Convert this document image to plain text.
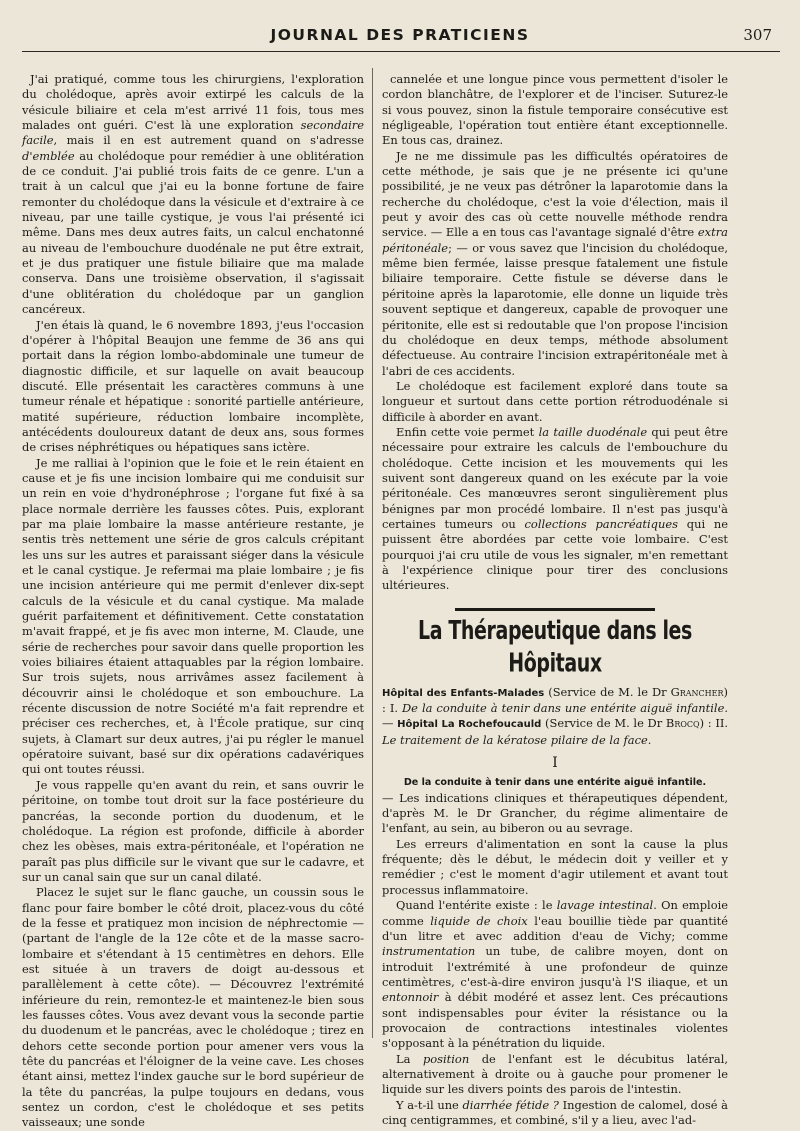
JOURNAL DES PRATICIENS	307

J'ai pratiqué, comme tous les chirurgiens, l'exploration du cholédoque, après avoir extirpé les calculs de la vésicule biliaire et cela m'est arrivé 11 fois, tous mes malades ont guéri. C'est là une exploration secondaire facile, mais il en est autrement quand on s'adresse d'emblée au cholédoque pour remédier à une oblitération de ce conduit. J'ai publié trois faits de ce genre. L'un a trait à un calcul que j'ai eu la bonne fortune de faire remonter du cholédoque dans la vésicule et d'extraire à ce niveau, par une taille cystique, je vous l'ai présenté ici même. Dans mes deux autres faits, un calcul enchatonné au niveau de l'embouchure duodénale ne put être extrait, et je dus pratiquer une fistule biliaire que ma malade conserva. Dans une troisième observation, il s'agissait d'une oblitération du cholédoque par un ganglion cancéreux.

J'en étais là quand, le 6 novembre 1893, j'eus l'occasion d'opérer à l'hôpital Beaujon une femme de 36 ans qui portait dans la région lombo-abdominale une tumeur de diagnostic difficile, et sur laquelle on avait beaucoup discuté. Elle présentait les caractères communs à une tumeur rénale et hépatique : sonorité partielle antérieure, matité supérieure, réduction lombaire incomplète, antécédents douloureux datant de deux ans, sous formes de crises néphrétiques ou hépatiques sans ictère.

Je me ralliai à l'opinion que le foie et le rein étaient en cause et je fis une incision lombaire qui me conduisit sur un rein en voie d'hydronéphrose ; l'organe fut fixé à sa place normale derrière les fausses côtes. Puis, explorant par ma plaie lombaire la masse antérieure restante, je sentis très nettement une série de gros calculs crépitant les uns sur les autres et paraissant siéger dans la vésicule et le canal cystique. Je refermai ma plaie lombaire ; je fis une incision antérieure qui me permit d'enlever dix-sept calculs de la vésicule et du canal cystique. Ma malade guérit parfaitement et définitivement. Cette constatation m'avait frappé, et je fis avec mon interne, M. Claude, une série de recherches pour savoir dans quelle proportion les voies biliaires étaient attaquables par la région lombaire. Sur trois sujets, nous arrivâmes assez facilement à découvrir ainsi le cholédoque et son embouchure. La récente discussion de notre Société m'a fait reprendre et préciser ces recherches, et, à l'École pratique, sur cinq sujets, à Clamart sur deux autres, j'ai pu régler le manuel opératoire suivant, basé sur dix opérations cadavériques qui ont toutes réussi.

Je vous rappelle qu'en avant du rein, et sans ouvrir le péritoine, on tombe tout droit sur la face postérieure du pancréas, la seconde portion du duodenum, et le cholédoque. La région est profonde, difficile à aborder chez les obèses, mais extra-péritonéale, et l'opération ne paraît pas plus difficile sur le vivant que sur le cadavre, et sur un canal sain que sur un canal dilaté.

Placez le sujet sur le flanc gauche, un coussin sous le flanc pour faire bomber le côté droit, placez-vous du côté de la fesse et pratiquez mon incision de néphrectomie — (partant de l'angle de la 12e côte et de la masse sacro-lombaire et s'étendant à 15 centimètres en dehors. Elle est située à un travers de doigt au-dessous et parallèlement à cette côte). — Découvrez l'extrémité inférieure du rein, remontez-le et maintenez-le bien sous les fausses côtes. Vous avez devant vous la seconde partie du duodenum et le pancréas, avec le cholédoque ; tirez en dehors cette seconde portion pour amener vers vous la tête du pancréas et l'éloigner de la veine cave. Les choses étant ainsi, mettez l'index gauche sur le bord supérieur de la tête du pancréas, la pulpe toujours en dedans, vous sentez un cordon, c'est le cholédoque et ses petits vaisseaux; une sonde

cannelée et une longue pince vous permettent d'isoler le cordon blanchâtre, de l'explorer et de l'inciser. Suturez-le si vous pouvez, sinon la fistule temporaire consécutive est négligeable, l'opération tout entière étant exceptionnelle. En tous cas, drainez.

Je ne me dissimule pas les difficultés opératoires de cette méthode, je sais que je ne présente ici qu'une possibilité, je ne veux pas détrôner la laparotomie dans la recherche du cholédoque, c'est la voie d'élection, mais il peut y avoir des cas où cette nouvelle méthode rendra service. — Elle a en tous cas l'avantage signalé d'être extra péritonéale; — or vous savez que l'incision du cholédoque, même bien fermée, laisse presque fatalement une fistule biliaire temporaire. Cette fistule se déverse dans le péritoine après la laparotomie, elle donne un liquide très souvent septique et dangereux, capable de provoquer une péritonite, elle est si redoutable que l'on propose l'incision du cholédoque en deux temps, méthode absolument défectueuse. Au contraire l'incision extrapéritonéale met à l'abri de ces accidents.

Le cholédoque est facilement exploré dans toute sa longueur et surtout dans cette portion rétroduodénale si difficile à aborder en avant.

Enfin cette voie permet la taille duodénale qui peut être nécessaire pour extraire les calculs de l'embouchure du cholédoque. Cette incision et les mouvements qui les suivent sont dangereux quand on les exécute par la voie péritonéale. Ces manœuvres seront singulièrement plus bénignes par mon procédé lombaire. Il n'est pas jusqu'à certaines tumeurs ou collections pancréatiques qui ne puissent être abordées par cette voie lombaire. C'est pourquoi j'ai cru utile de vous les signaler, m'en remettant à l'expérience clinique pour tirer des conclusions ultérieures.

La Thérapeutique dans les Hôpitaux

Hôpital des Enfants-Malades (Service de M. le Dr Grancher) : I. De la conduite à tenir dans une entérite aiguë infantile. — Hôpital La Rochefoucauld (Service de M. le Dr Brocq) : II. Le traitement de la kératose pilaire de la face.

I
De la conduite à tenir dans une entérite aiguë infantile.

— Les indications cliniques et thérapeutiques dépendent, d'après M. le Dr Grancher, du régime alimentaire de l'enfant, au sein, au biberon ou au sevrage.

Les erreurs d'alimentation en sont la cause la plus fréquente; dès le début, le médecin doit y veiller et y remédier ; c'est le moment d'agir utilement et avant tout processus inflammatoire.

Quand l'entérite existe : le lavage intestinal. On emploie comme liquide de choix l'eau bouillie tiède par quantité d'un litre et avec addition d'eau de Vichy; comme instrumentation un tube, de calibre moyen, dont on introduit l'extrémité à une profondeur de quinze centimètres, c'est-à-dire environ jusqu'à l'S iliaque, et un entonnoir à débit modéré et assez lent. Ces précautions sont indispensables pour éviter la résistance ou la provocaion de contractions intestinales violentes s'opposant à la pénétration du liquide.

La position de l'enfant est le décubitus latéral, alternativement à droite ou à gauche pour promener le liquide sur les divers points des parois de l'intestin.

Y a-t-il une diarrhée fétide ? Ingestion de calomel, dosé à cinq centigrammes, et combiné, s'il y a lieu, avec l'ad-
